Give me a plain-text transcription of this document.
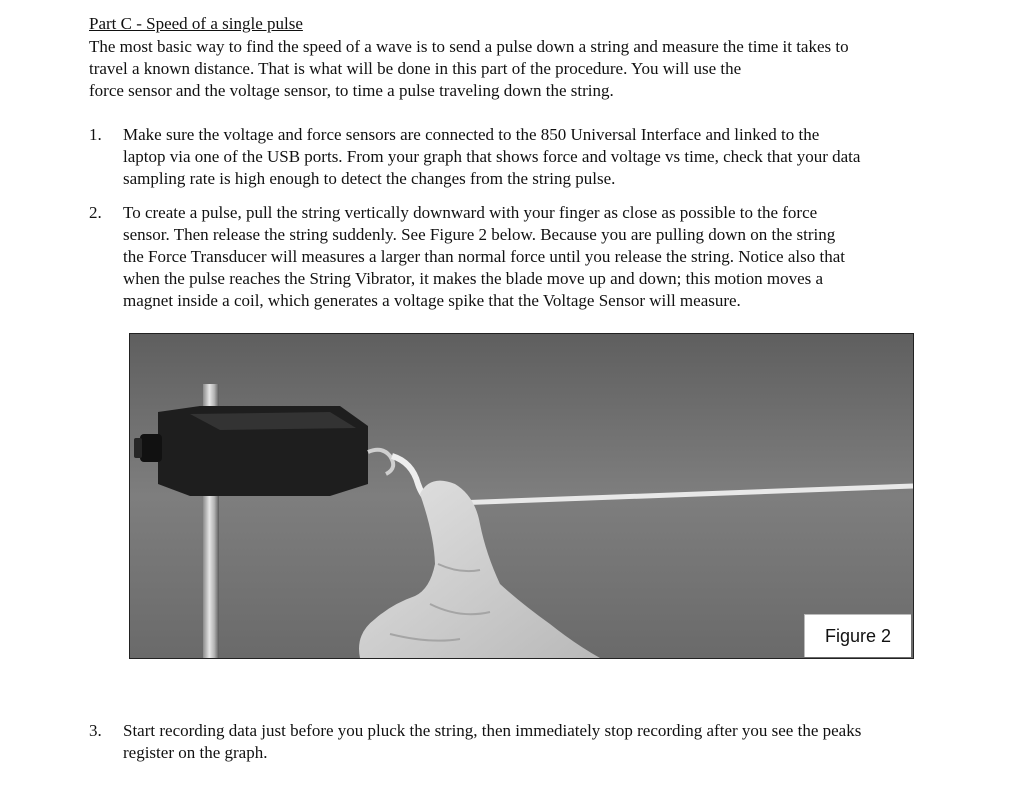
Part C - Speed of a single pulse
The most basic way to find the speed of a wave is to send a pulse down a string and measure the time it takes to
travel a known distance. That is what will be done in this part of the procedure. You will use the
force sensor and the voltage sensor, to time a pulse traveling down the string.
1.	Make sure the voltage and force sensors are connected to the 850 Universal Interface and linked to the
laptop via one of the USB ports. From your graph that shows force and voltage vs time, check that your data
sampling rate is high enough to detect the changes from the string pulse.
2.	To create a pulse, pull the string vertically downward with your finger as close as possible to the force
sensor. Then release the string suddenly. See Figure 2 below. Because you are pulling down on the string
the Force Transducer will measures a larger than normal force until you release the string. Notice also that
when the pulse reaches the String Vibrator, it makes the blade move up and down; this motion moves a
magnet inside a coil, which generates a voltage spike that the Voltage Sensor will measure.
Figure 2
3.	Start recording data just before you pluck the string, then immediately stop recording after you see the peaks
register on the graph.
